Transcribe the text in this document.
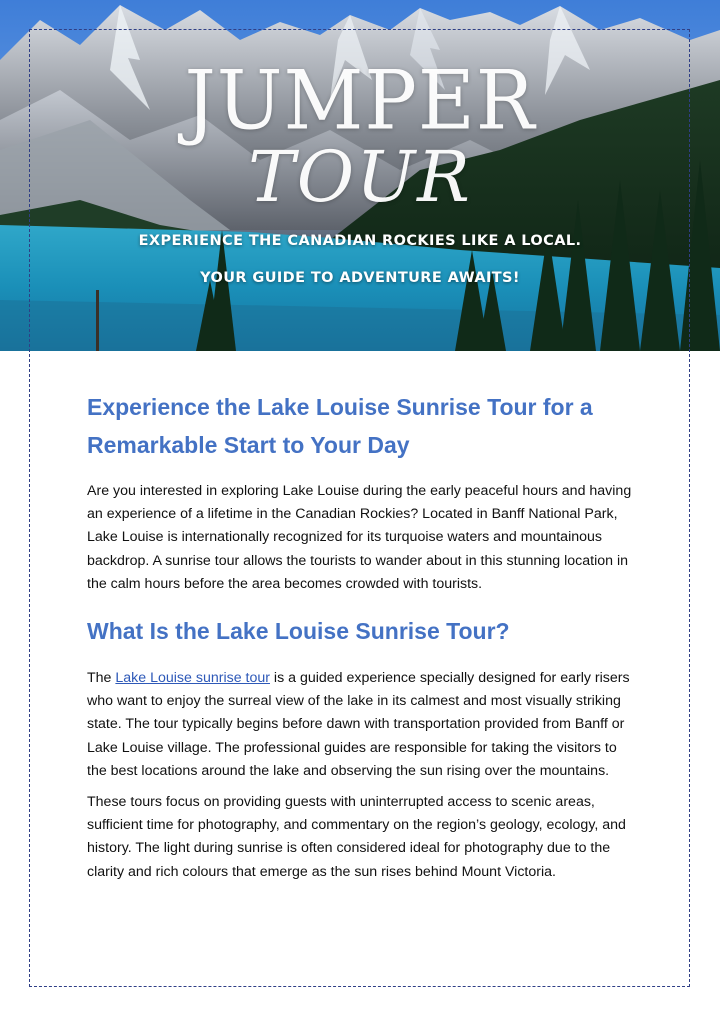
JUMPER
TOUR
EXPERIENCE THE CANADIAN ROCKIES LIKE A LOCAL.
YOUR GUIDE TO ADVENTURE AWAITS!
Experience the Lake Louise Sunrise Tour for a Remarkable Start to Your Day

Are you interested in exploring Lake Louise during the early peaceful hours and having an experience of a lifetime in the Canadian Rockies? Located in Banff National Park, Lake Louise is internationally recognized for its turquoise waters and mountainous backdrop. A sunrise tour allows the tourists to wander about in this stunning location in the calm hours before the area becomes crowded with tourists.

What Is the Lake Louise Sunrise Tour?

The Lake Louise sunrise tour is a guided experience specially designed for early risers who want to enjoy the surreal view of the lake in its calmest and most visually striking state. The tour typically begins before dawn with transportation provided from Banff or Lake Louise village. The professional guides are responsible for taking the visitors to the best locations around the lake and observing the sun rising over the mountains.

These tours focus on providing guests with uninterrupted access to scenic areas, sufficient time for photography, and commentary on the region’s geology, ecology, and history. The light during sunrise is often considered ideal for photography due to the clarity and rich colours that emerge as the sun rises behind Mount Victoria.
